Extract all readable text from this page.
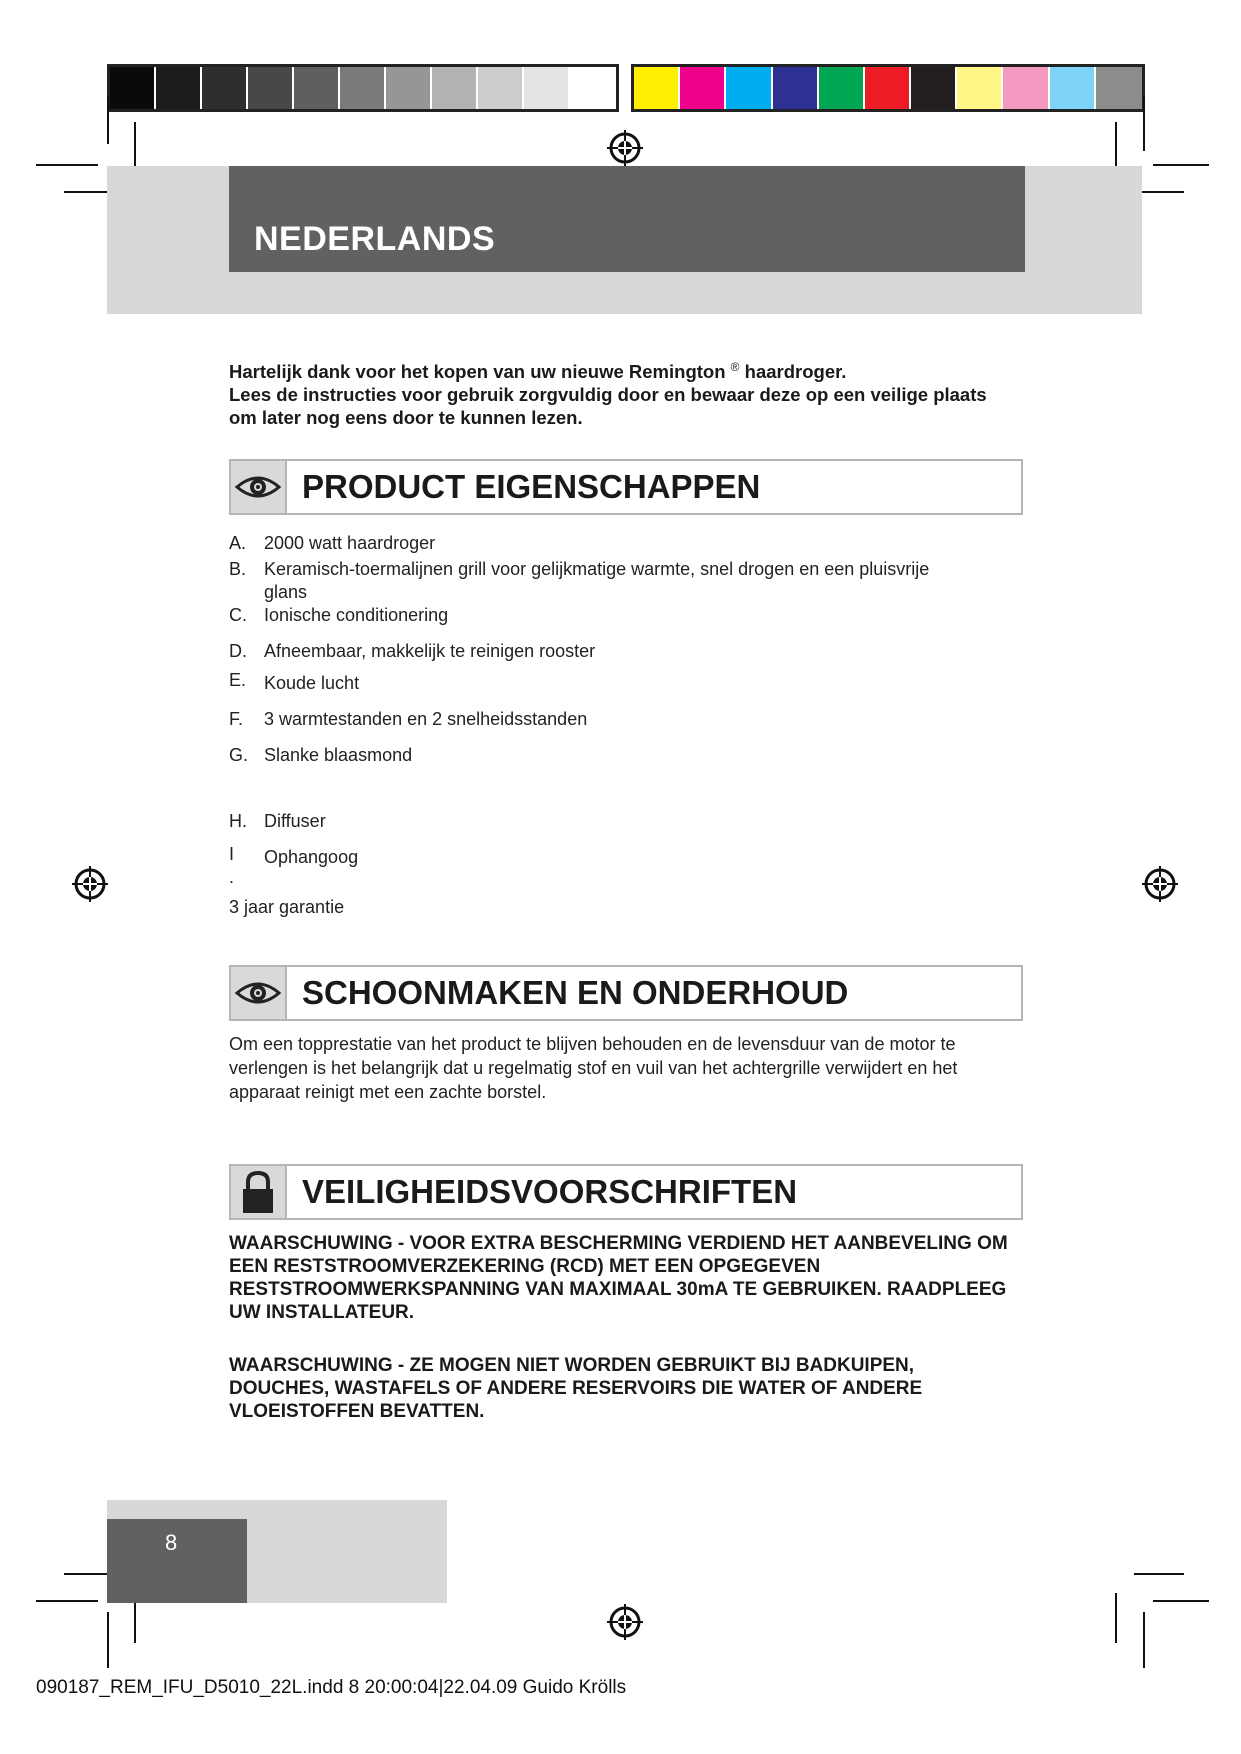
NEDERLANDS
Hartelijk dank voor het kopen van uw nieuwe Remington ® haardroger.
Lees de instructies voor gebruik zorgvuldig door en bewaar deze op een veilige plaats om later nog eens door te kunnen lezen.
PRODUCT EIGENSCHAPPEN
A. 2000 watt haardroger
B. Keramisch-toermalijnen grill voor gelijkmatige warmte, snel drogen en een pluisvrije glans
C. Ionische conditionering
D. Afneembaar, makkelijk te reinigen rooster
E. Koude lucht
F. 3 warmtestanden en 2 snelheidsstanden
G. Slanke blaasmond
H. Diffuser
I .
Ophangoog
3 jaar garantie
SCHOONMAKEN EN ONDERHOUD
Om een topprestatie van het product te blijven behouden en de levensduur van de motor te verlengen is het belangrijk dat u regelmatig stof en vuil van het achtergrille verwijdert en het apparaat reinigt met een zachte borstel.
VEILIGHEIDSVOORSCHRIFTEN
WAARSCHUWING - VOOR EXTRA BESCHERMING VERDIEND HET AANBEVELING OM EEN RESTSTROOMVERZEKERING (RCD) MET EEN OPGEGEVEN RESTSTROOMWERKSPANNING VAN MAXIMAAL 30mA TE GEBRUIKEN. RAADPLEEG UW INSTALLATEUR.
WAARSCHUWING - ZE MOGEN NIET WORDEN GEBRUIKT BIJ BADKUIPEN, DOUCHES, WASTAFELS OF ANDERE RESERVOIRS DIE WATER OF ANDERE VLOEISTOFFEN BEVATTEN.
8
090187_REM_IFU_D5010_22L.indd 8 20:00:04|22.04.09 Guido Krölls
